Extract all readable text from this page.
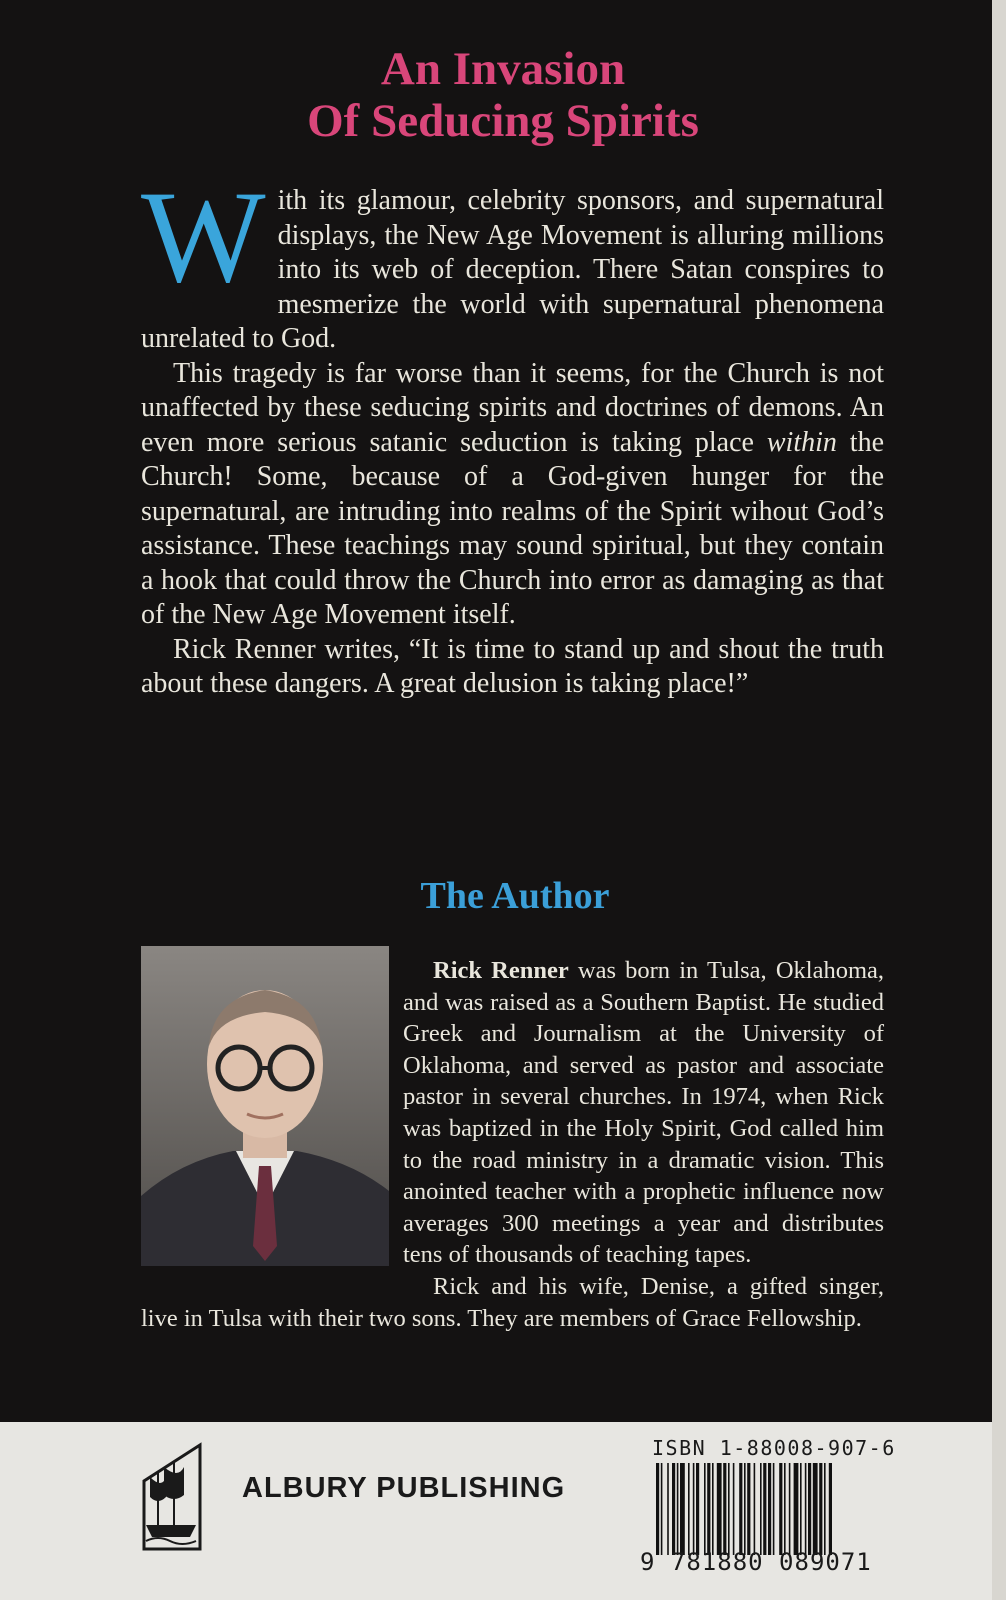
An Invasion
Of Seducing Spirits

With its glamour, celebrity sponsors, and supernatural displays, the New Age Movement is alluring millions into its web of deception. There Satan conspires to mesmerize the world with supernatural phenomena unrelated to God.

This tragedy is far worse than it seems, for the Church is not unaffected by these seducing spirits and doctrines of demons. An even more serious satanic seduction is taking place within the Church! Some, because of a God-given hunger for the supernatural, are intruding into realms of the Spirit wihout God’s assistance. These teachings may sound spiritual, but they contain a hook that could throw the Church into error as damaging as that of the New Age Movement itself.

Rick Renner writes, “It is time to stand up and shout the truth about these dangers. A great delusion is taking place!”

The Author

Rick Renner was born in Tulsa, Oklahoma, and was raised as a Southern Baptist. He studied Greek and Journalism at the University of Oklahoma, and served as pastor and associate pastor in several churches. In 1974, when Rick was baptized in the Holy Spirit, God called him to the road ministry in a dramatic vision. This anointed teacher with a prophetic influence now averages 300 meetings a year and distributes tens of thousands of teaching tapes.

Rick and his wife, Denise, a gifted singer, live in Tulsa with their two sons. They are members of Grace Fellowship.

ALBURY PUBLISHING
ISBN 1-88008-907-6
9 781880 089071
